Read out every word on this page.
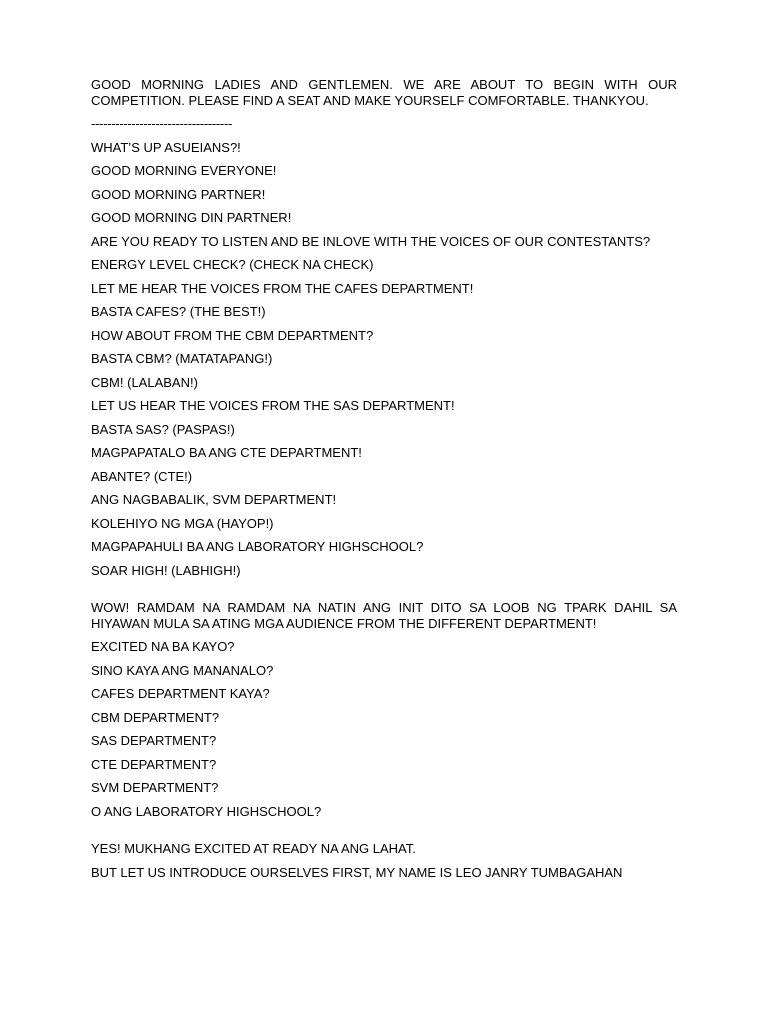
GOOD MORNING LADIES AND GENTLEMEN. WE ARE ABOUT TO BEGIN WITH OUR COMPETITION. PLEASE FIND A SEAT AND MAKE YOURSELF COMFORTABLE. THANKYOU.

-----------------------------------

WHAT’S UP ASUEIANS?!

GOOD MORNING EVERYONE!

GOOD MORNING PARTNER!

GOOD MORNING DIN PARTNER!

ARE YOU READY TO LISTEN AND BE INLOVE WITH THE VOICES OF OUR CONTESTANTS?

ENERGY LEVEL CHECK? (CHECK NA CHECK)

LET ME HEAR THE VOICES FROM THE CAFES DEPARTMENT!

BASTA CAFES? (THE BEST!)

HOW ABOUT FROM THE CBM DEPARTMENT?

BASTA CBM? (MATATAPANG!)

CBM! (LALABAN!)

LET US HEAR THE VOICES FROM THE SAS DEPARTMENT!

BASTA SAS? (PASPAS!)

MAGPAPATALO BA ANG CTE DEPARTMENT!

ABANTE? (CTE!)

ANG NAGBABALIK, SVM DEPARTMENT!

KOLEHIYO NG MGA (HAYOP!)

MAGPAPAHULI BA ANG LABORATORY HIGHSCHOOL?

SOAR HIGH! (LABHIGH!)

WOW! RAMDAM NA RAMDAM NA NATIN ANG INIT DITO SA LOOB NG TPARK DAHIL SA HIYAWAN MULA SA ATING MGA AUDIENCE FROM THE DIFFERENT DEPARTMENT!

EXCITED NA BA KAYO?

SINO KAYA ANG MANANALO?

CAFES DEPARTMENT KAYA?

CBM DEPARTMENT?

SAS DEPARTMENT?

CTE DEPARTMENT?

SVM DEPARTMENT?

O ANG LABORATORY HIGHSCHOOL?

YES! MUKHANG EXCITED AT READY NA ANG LAHAT.

BUT LET US INTRODUCE OURSELVES FIRST, MY NAME IS LEO JANRY TUMBAGAHAN
